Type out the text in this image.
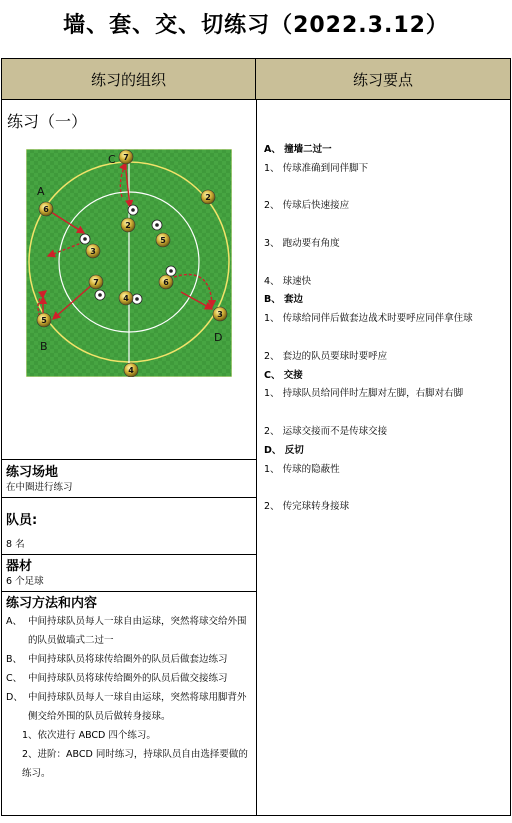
墙、套、交、切练习（2022.3.12）
练习的组织	练习要点
练习（一）
A
B
C
D
7
2
6
3
2
5
7
4
6
5
3
4
练习场地
在中圈进行练习
队员:
8 名
器材
6 个足球
练习方法和内容
A、 中间持球队员每人一球自由运球，突然将球交给外围的队员做墙式二过一
B、 中间持球队员将球传给圈外的队员后做套边练习
C、 中间持球队员将球传给圈外的队员后做交接练习
D、 中间持球队员每人一球自由运球，突然将球用脚背外侧交给外围的队员后做转身接球。
1、依次进行 ABCD 四个练习。
2、进阶：ABCD 同时练习，持球队员自由选择要做的练习。
A、 撞墙二过一
1、 传球准确到同伴脚下

2、 传球后快速接应

3、 跑动要有角度

4、 球速快
B、 套边
1、 传球给同伴后做套边战术时要呼应同伴拿住球

2、 套边的队员要球时要呼应
C、 交接
1、 持球队员给同伴时左脚对左脚，右脚对右脚

2、 运球交接而不是传球交接
D、 反切
1、 传球的隐蔽性

2、 传完球转身接球
